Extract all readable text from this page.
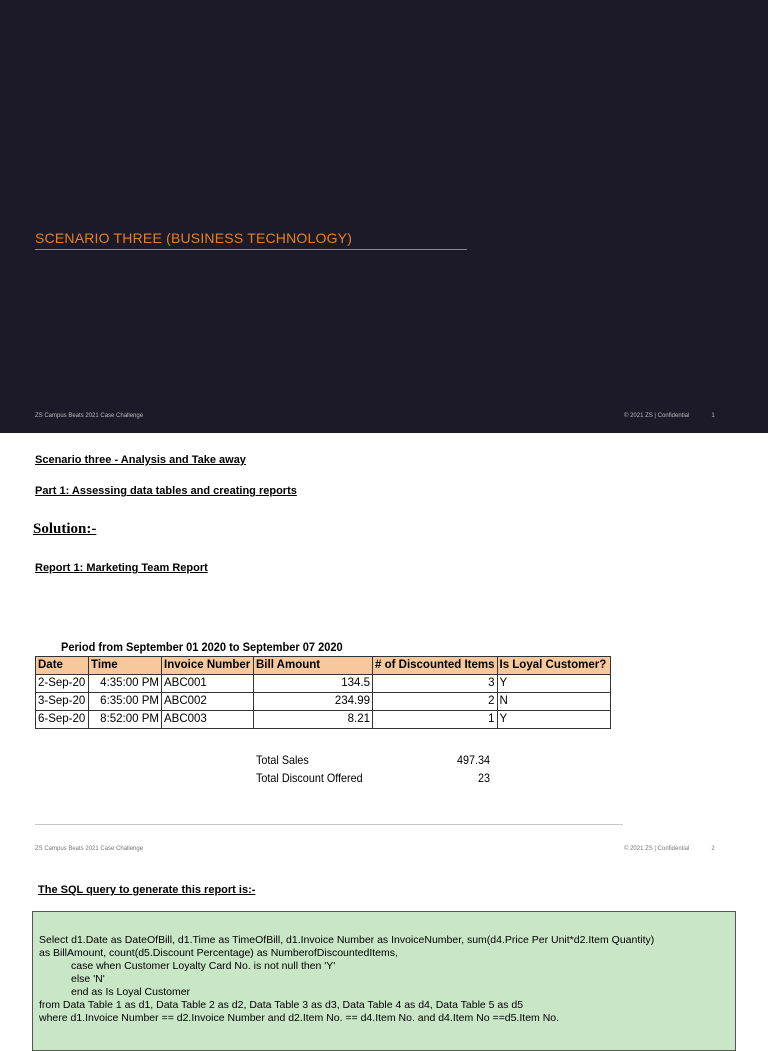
SCENARIO THREE (BUSINESS TECHNOLOGY)
ZS Campus Beats 2021 Case Challenge	© 2021 ZS | Confidential	1
Scenario three - Analysis and Take away
Part 1: Assessing data tables and creating reports
Solution:-
Report 1: Marketing Team Report
Period from September 01 2020 to September 07 2020
Date	Time	Invoice Number	Bill Amount	# of Discounted Items	Is Loyal Customer?
2-Sep-20	4:35:00 PM	ABC001	134.5	3	Y
3-Sep-20	6:35:00 PM	ABC002	234.99	2	N
6-Sep-20	8:52:00 PM	ABC003	8.21	1	Y
Total Sales	497.34
Total Discount Offered	23
ZS Campus Beats 2021 Case Challenge	© 2021 ZS | Confidential	2
The SQL query to generate this report is:-
Select d1.Date as DateOfBill, d1.Time as TimeOfBill, d1.Invoice Number as InvoiceNumber, sum(d4.Price Per Unit*d2.Item Quantity)
as BillAmount, count(d5.Discount Percentage) as NumberofDiscountedItems,
case when Customer Loyalty Card No. is not null then 'Y'
else 'N'
end as Is Loyal Customer
from Data Table 1 as d1, Data Table 2 as d2, Data Table 3 as d3, Data Table 4 as d4, Data Table 5 as d5
where d1.Invoice Number == d2.Invoice Number and d2.Item No. == d4.Item No. and d4.Item No ==d5.Item No.
